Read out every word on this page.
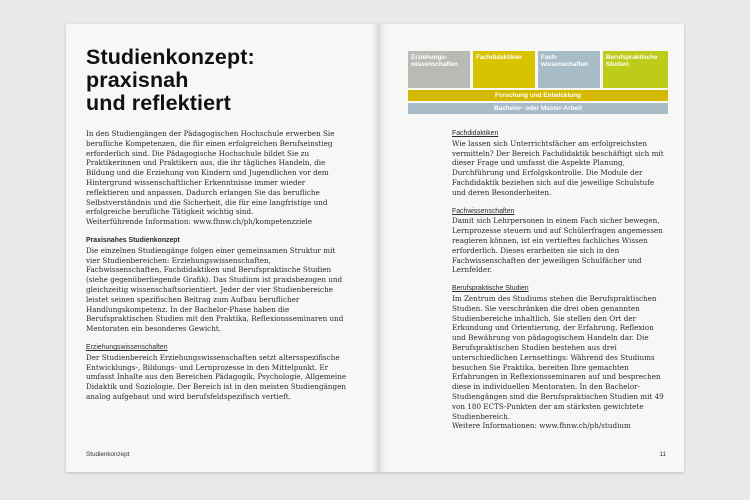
Studienkonzept:
praxisnah
und reflektiert

In den Studiengängen der Pädagogischen Hochschule erwerben Sie berufliche Kompetenzen, die für einen erfolgreichen Berufseinstieg erforderlich sind. Die Pädagogische Hochschule bildet Sie zu Praktikerinnen und Praktikern aus, die ihr tägliches Handeln, die Bildung und die Erziehung von Kindern und Jugendlichen vor dem Hintergrund wissenschaftlicher Erkenntnisse immer wieder reflektieren und anpassen. Dadurch erlangen Sie das berufliche Selbstverständnis und die Sicherheit, die für eine langfristige und erfolgreiche berufliche Tätigkeit wichtig sind.
Weiterführende Information: www.fhnw.ch/ph/kompetenzziele

Praxisnahes Studienkonzept
Die einzelnen Studiengänge folgen einer gemeinsamen Struktur mit vier Studienbereichen: Erziehungswissenschaften, Fachwissenschaften, Fachdidaktiken und Berufspraktische Studien (siehe gegenüberliegende Grafik). Das Studium ist praxisbezogen und gleichzeitig wissenschaftsorientiert. Jeder der vier Studienbereiche leistet seinen spezifischen Beitrag zum Aufbau beruflicher Handlungskompetenz. In der Bachelor-Phase haben die Berufspraktischen Studien mit den Praktika, Reflexionsseminaren und Mentoraten ein besonderes Gewicht.

Erziehungswissenschaften
Der Studienbereich Erziehungswissenschaften setzt altersspezifische Entwicklungs-, Bildungs- und Lernprozesse in den Mittelpunkt. Er umfasst Inhalte aus den Bereichen Pädagogik, Psychologie, Allgemeine Didaktik und Soziologie. Der Bereich ist in den meisten Studiengängen analog aufgebaut und wird berufsfeldspezifisch vertieft.

Studienkonzept
Erziehungs-
wissenschaften
Fachdidaktiken	Fach-
wissenschaften
Berufspraktische
Studien
Forschung und Entwicklung
Bachelor- oder Master-Arbeit

Fachdidaktiken
Wie lassen sich Unterrichtsfächer am erfolgreichsten vermitteln? Der Bereich Fachdidaktik beschäftigt sich mit dieser Frage und umfasst die Aspekte Planung, Durchführung und Erfolgskontrolle. Die Module der Fachdidaktik beziehen sich auf die jeweilige Schulstufe und deren Besonderheiten.

Fachwissenschaften
Damit sich Lehrpersonen in einem Fach sicher bewegen, Lernprozesse steuern und auf Schülerfragen angemessen reagieren können, ist ein vertieftes fachliches Wissen erforderlich. Dieses erarbeiten sie sich in den Fachwissenschaften der jeweiligen Schulfächer und Lernfelder.

Berufspraktische Studien
Im Zentrum des Studiums stehen die Berufspraktischen Studien. Sie verschränken die drei oben genannten Studienbereiche inhaltlich. Sie stellen den Ort der Erkundung und Orientierung, der Erfahrung, Reflexion und Bewährung von pädagogischem Handeln dar. Die Berufspraktischen Studien bestehen aus drei unterschiedlichen Lernsettings: Während des Studiums besuchen Sie Praktika, bereiten Ihre gemachten Erfahrungen in Reflexionsseminaren auf und besprechen diese in individuellen Mentoraten. In den Bachelor-Studiengängen sind die Berufspraktischen Studien mit 49 von 180 ECTS-Punkten der am stärksten gewichtete Studienbereich.
Weitere Informationen: www.fhnw.ch/ph/studium

11
